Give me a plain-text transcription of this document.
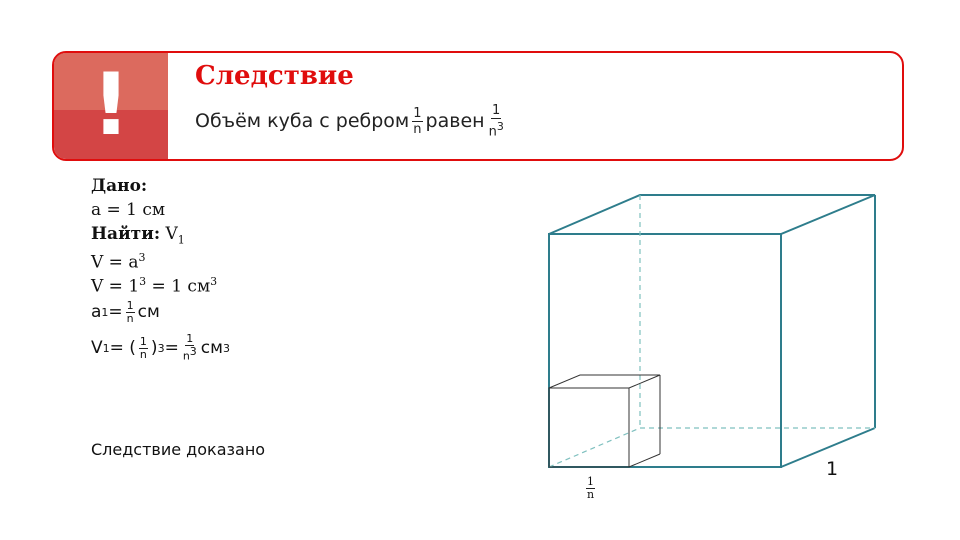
!	Следствие
Объём куба с ребром $\frac{1}{n}$ равен $\frac{1}{n^3}$
Дано:
a = 1 см
Найти: $V_1$
$V = a^3$
$V = 1^3 = 1$ $см^3$
a $1 = \frac{1}{n}$ см
V 1 = ( $\frac{1}{n}$ ) $3 = \frac{1}{n^3}$ см 3
Следствие доказано
1
$\frac{1}{n}$
